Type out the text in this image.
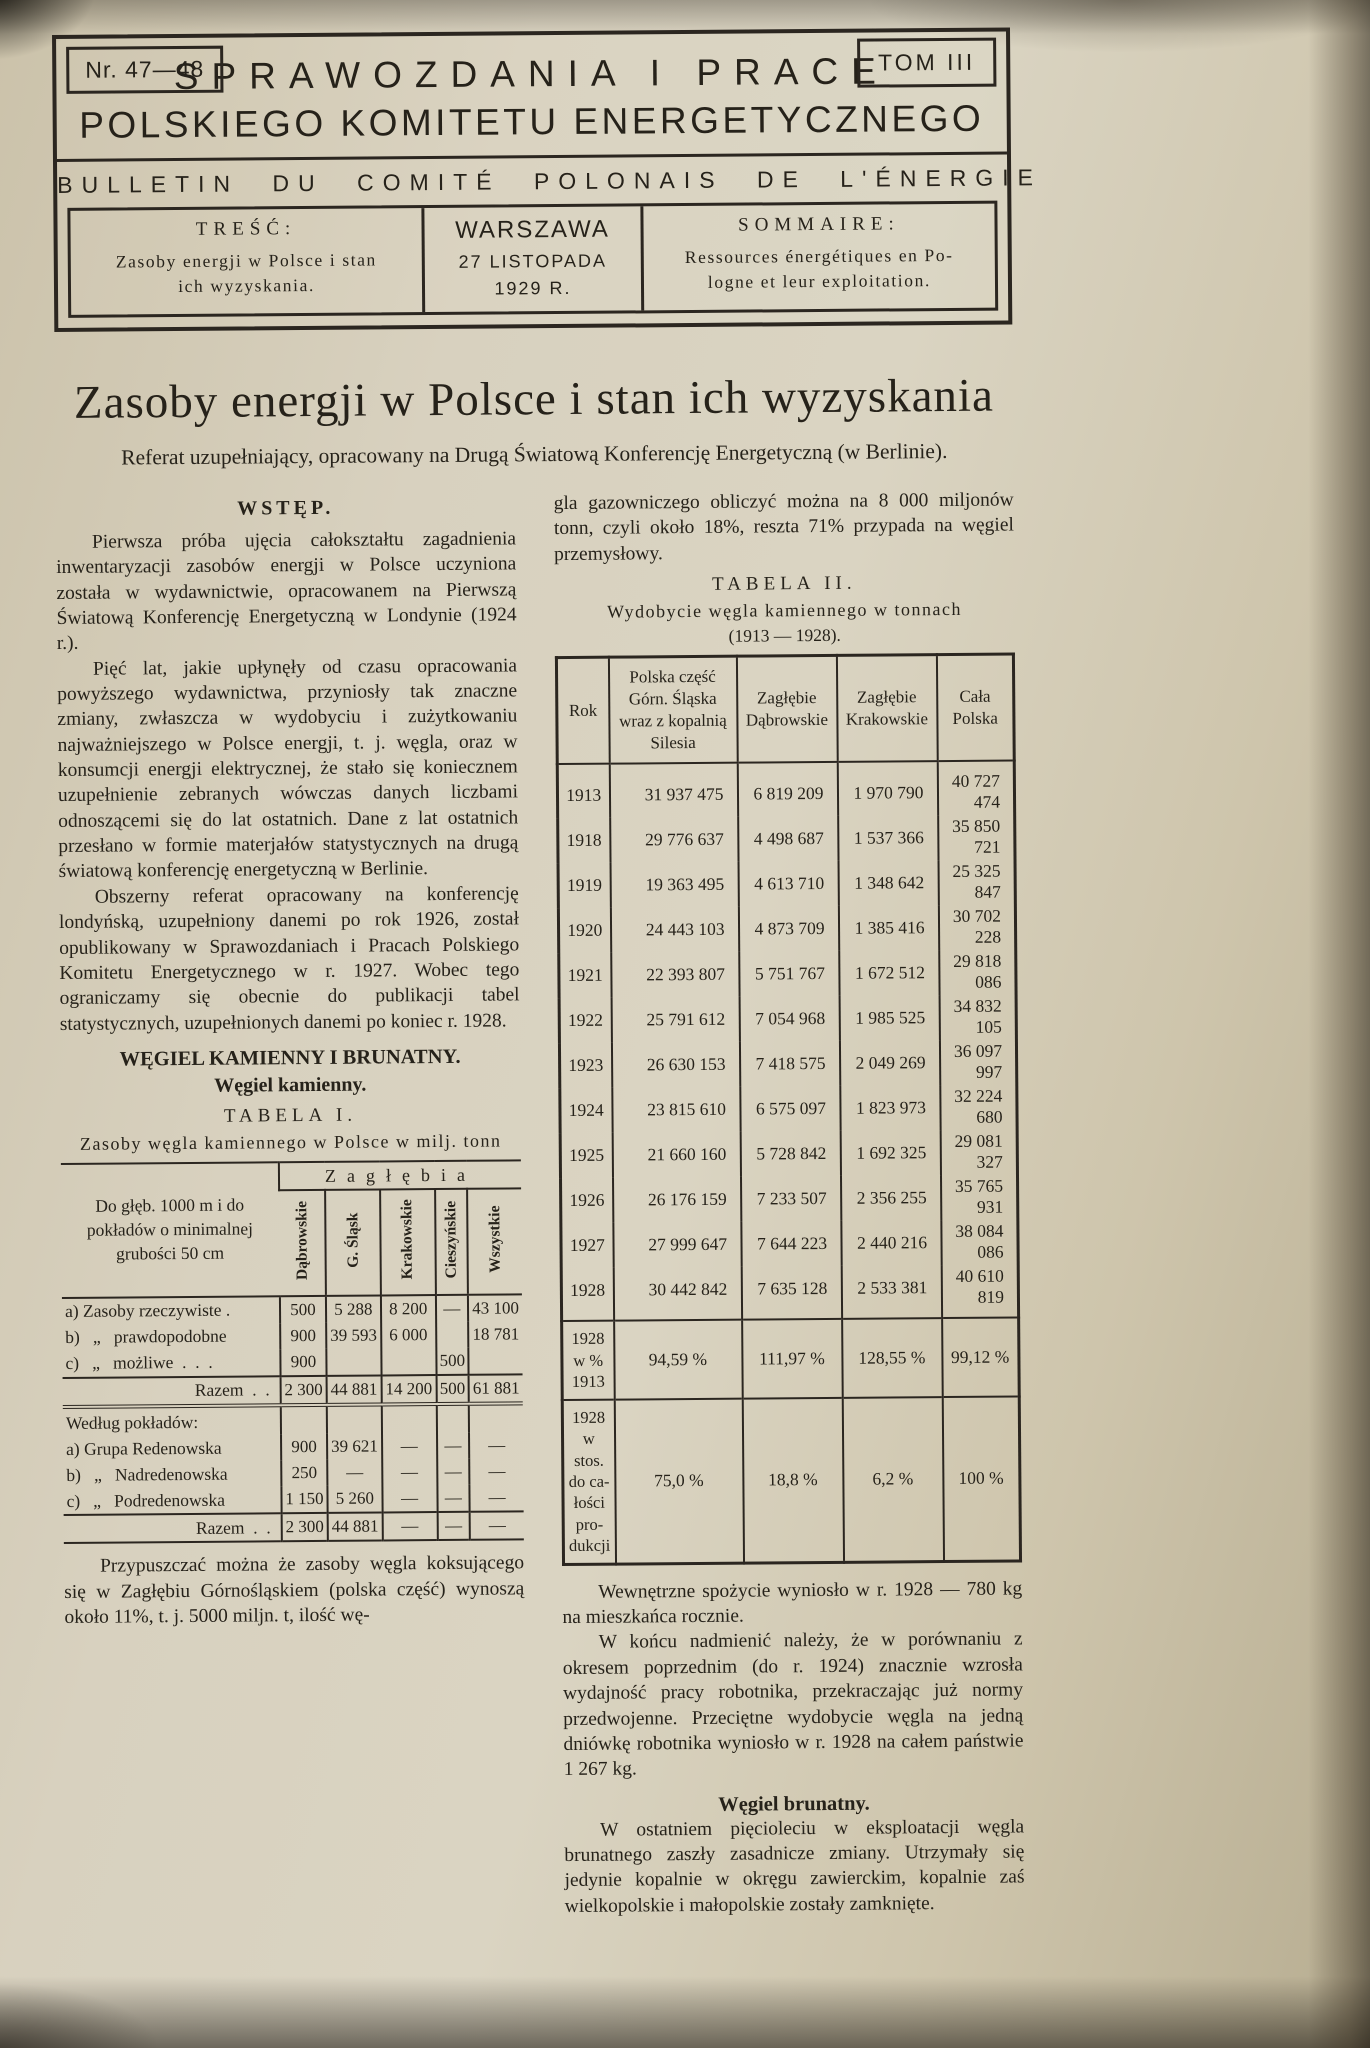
Nr. 47—48	TOM III
SPRAWOZDANIA I PRACE
POLSKIEGO KOMITETU ENERGETYCZNEGO
BULLETIN DU COMITÉ POLONAIS DE L'ÉNERGIE
TREŚĆ:
Zasoby energji w Polsce i stan
ich wyzyskania.
WARSZAWA
27 LISTOPADA
1929 R.
SOMMAIRE:
Ressources énergétiques en Po-
logne et leur exploitation.
Zasoby energji w Polsce i stan ich wyzyskania
Referat uzupełniający, opracowany na Drugą Światową Konferencję Energetyczną (w Berlinie).
WSTĘP.

Pierwsza próba ujęcia całokształtu zagadnienia inwentaryzacji zasobów energji w Polsce uczyniona została w wydawnictwie, opracowanem na Pierwszą Światową Konferencję Energetyczną w Londynie (1924 r.).

Pięć lat, jakie upłynęły od czasu opracowania powyższego wydawnictwa, przyniosły tak znaczne zmiany, zwłaszcza w wydobyciu i zużytkowaniu najważniejszego w Polsce energji, t. j. węgla, oraz w konsumcji energji elektrycznej, że stało się koniecznem uzupełnienie zebranych wówczas danych liczbami odnoszącemi się do lat ostatnich. Dane z lat ostatnich przesłano w formie materjałów statystycznych na drugą światową konferencję energetyczną w Berlinie.

Obszerny referat opracowany na konferencję londyńską, uzupełniony danemi po rok 1926, został opublikowany w Sprawozdaniach i Pracach Polskiego Komitetu Energetycznego w r. 1927. Wobec tego ograniczamy się obecnie do publikacji tabel statystycznych, uzupełnionych danemi po koniec r. 1928.

WĘGIEL KAMIENNY I BRUNATNY.
Węgiel kamienny.
TABELA I.
Zasoby węgla kamiennego w Polsce w milj. tonn
Do głęb. 1000 m i do pokładów o minimalnej grubości 50 cm	Zagłębia				
	Dąbrowskie	G. Śląsk	Krakowskie	Cieszyńskie	Wszystkie
a) Zasoby rzeczywiste .	500	5 288	8 200	—	43 100
b)   „   prawdopodobne	900	39 593	6 000		18 781
c)   „   możliwe  .  .  .	900			500	
Razem  .  .	2 300	44 881	14 200	500	61 881
Według pokładów:					
a) Grupa Redenowska	900	39 621	—	—	—
b)   „   Nadredenowska	250	—	—	—	—
c)   „   Podredenowska	1 150	5 260	—	—	—
Razem  .  .	2 300	44 881	—	—	—

Przypuszczać można że zasoby węgla koksującego się w Zagłębiu Górnośląskiem (polska część) wynoszą około 11%, t. j. 5000 miljn. t, ilość wę-

gla gazowniczego obliczyć można na 8 000 miljonów tonn, czyli około 18%, reszta 71% przypada na węgiel przemysłowy.

TABELA II.
Wydobycie węgla kamiennego w tonnach
(1913 — 1928).
Rok	Polska część Górn. Śląska wraz z kopalnią Silesia	Zagłębie Dąbrowskie	Zagłębie Krakowskie	Cała Polska
1913	31 937 475	6 819 209	1 970 790	40 727 474
1918	29 776 637	4 498 687	1 537 366	35 850 721
1919	19 363 495	4 613 710	1 348 642	25 325 847
1920	24 443 103	4 873 709	1 385 416	30 702 228
1921	22 393 807	5 751 767	1 672 512	29 818 086
1922	25 791 612	7 054 968	1 985 525	34 832 105
1923	26 630 153	7 418 575	2 049 269	36 097 997
1924	23 815 610	6 575 097	1 823 973	32 224 680
1925	21 660 160	5 728 842	1 692 325	29 081 327
1926	26 176 159	7 233 507	2 356 255	35 765 931
1927	27 999 647	7 644 223	2 440 216	38 084 086
1928	30 442 842	7 635 128	2 533 381	40 610 819
1928
w %
1913	94,59 %	111,97 %	128,55 %	99,12 %
1928
w stos.
do ca-
łości
pro-
dukcji	75,0 %	18,8 %	6,2 %	100 %

Wewnętrzne spożycie wyniosło w r. 1928 — 780 kg na mieszkańca rocznie.

W końcu nadmienić należy, że w porównaniu z okresem poprzednim (do r. 1924) znacznie wzrosła wydajność pracy robotnika, przekraczając już normy przedwojenne. Przeciętne wydobycie węgla na jedną dniówkę robotnika wyniosło w r. 1928 na całem państwie 1 267 kg.

Węgiel brunatny.

W ostatniem pięcioleciu w eksploatacji węgla brunatnego zaszły zasadnicze zmiany. Utrzymały się jedynie kopalnie w okręgu zawierckim, kopalnie zaś wielkopolskie i małopolskie zostały zamknięte.
